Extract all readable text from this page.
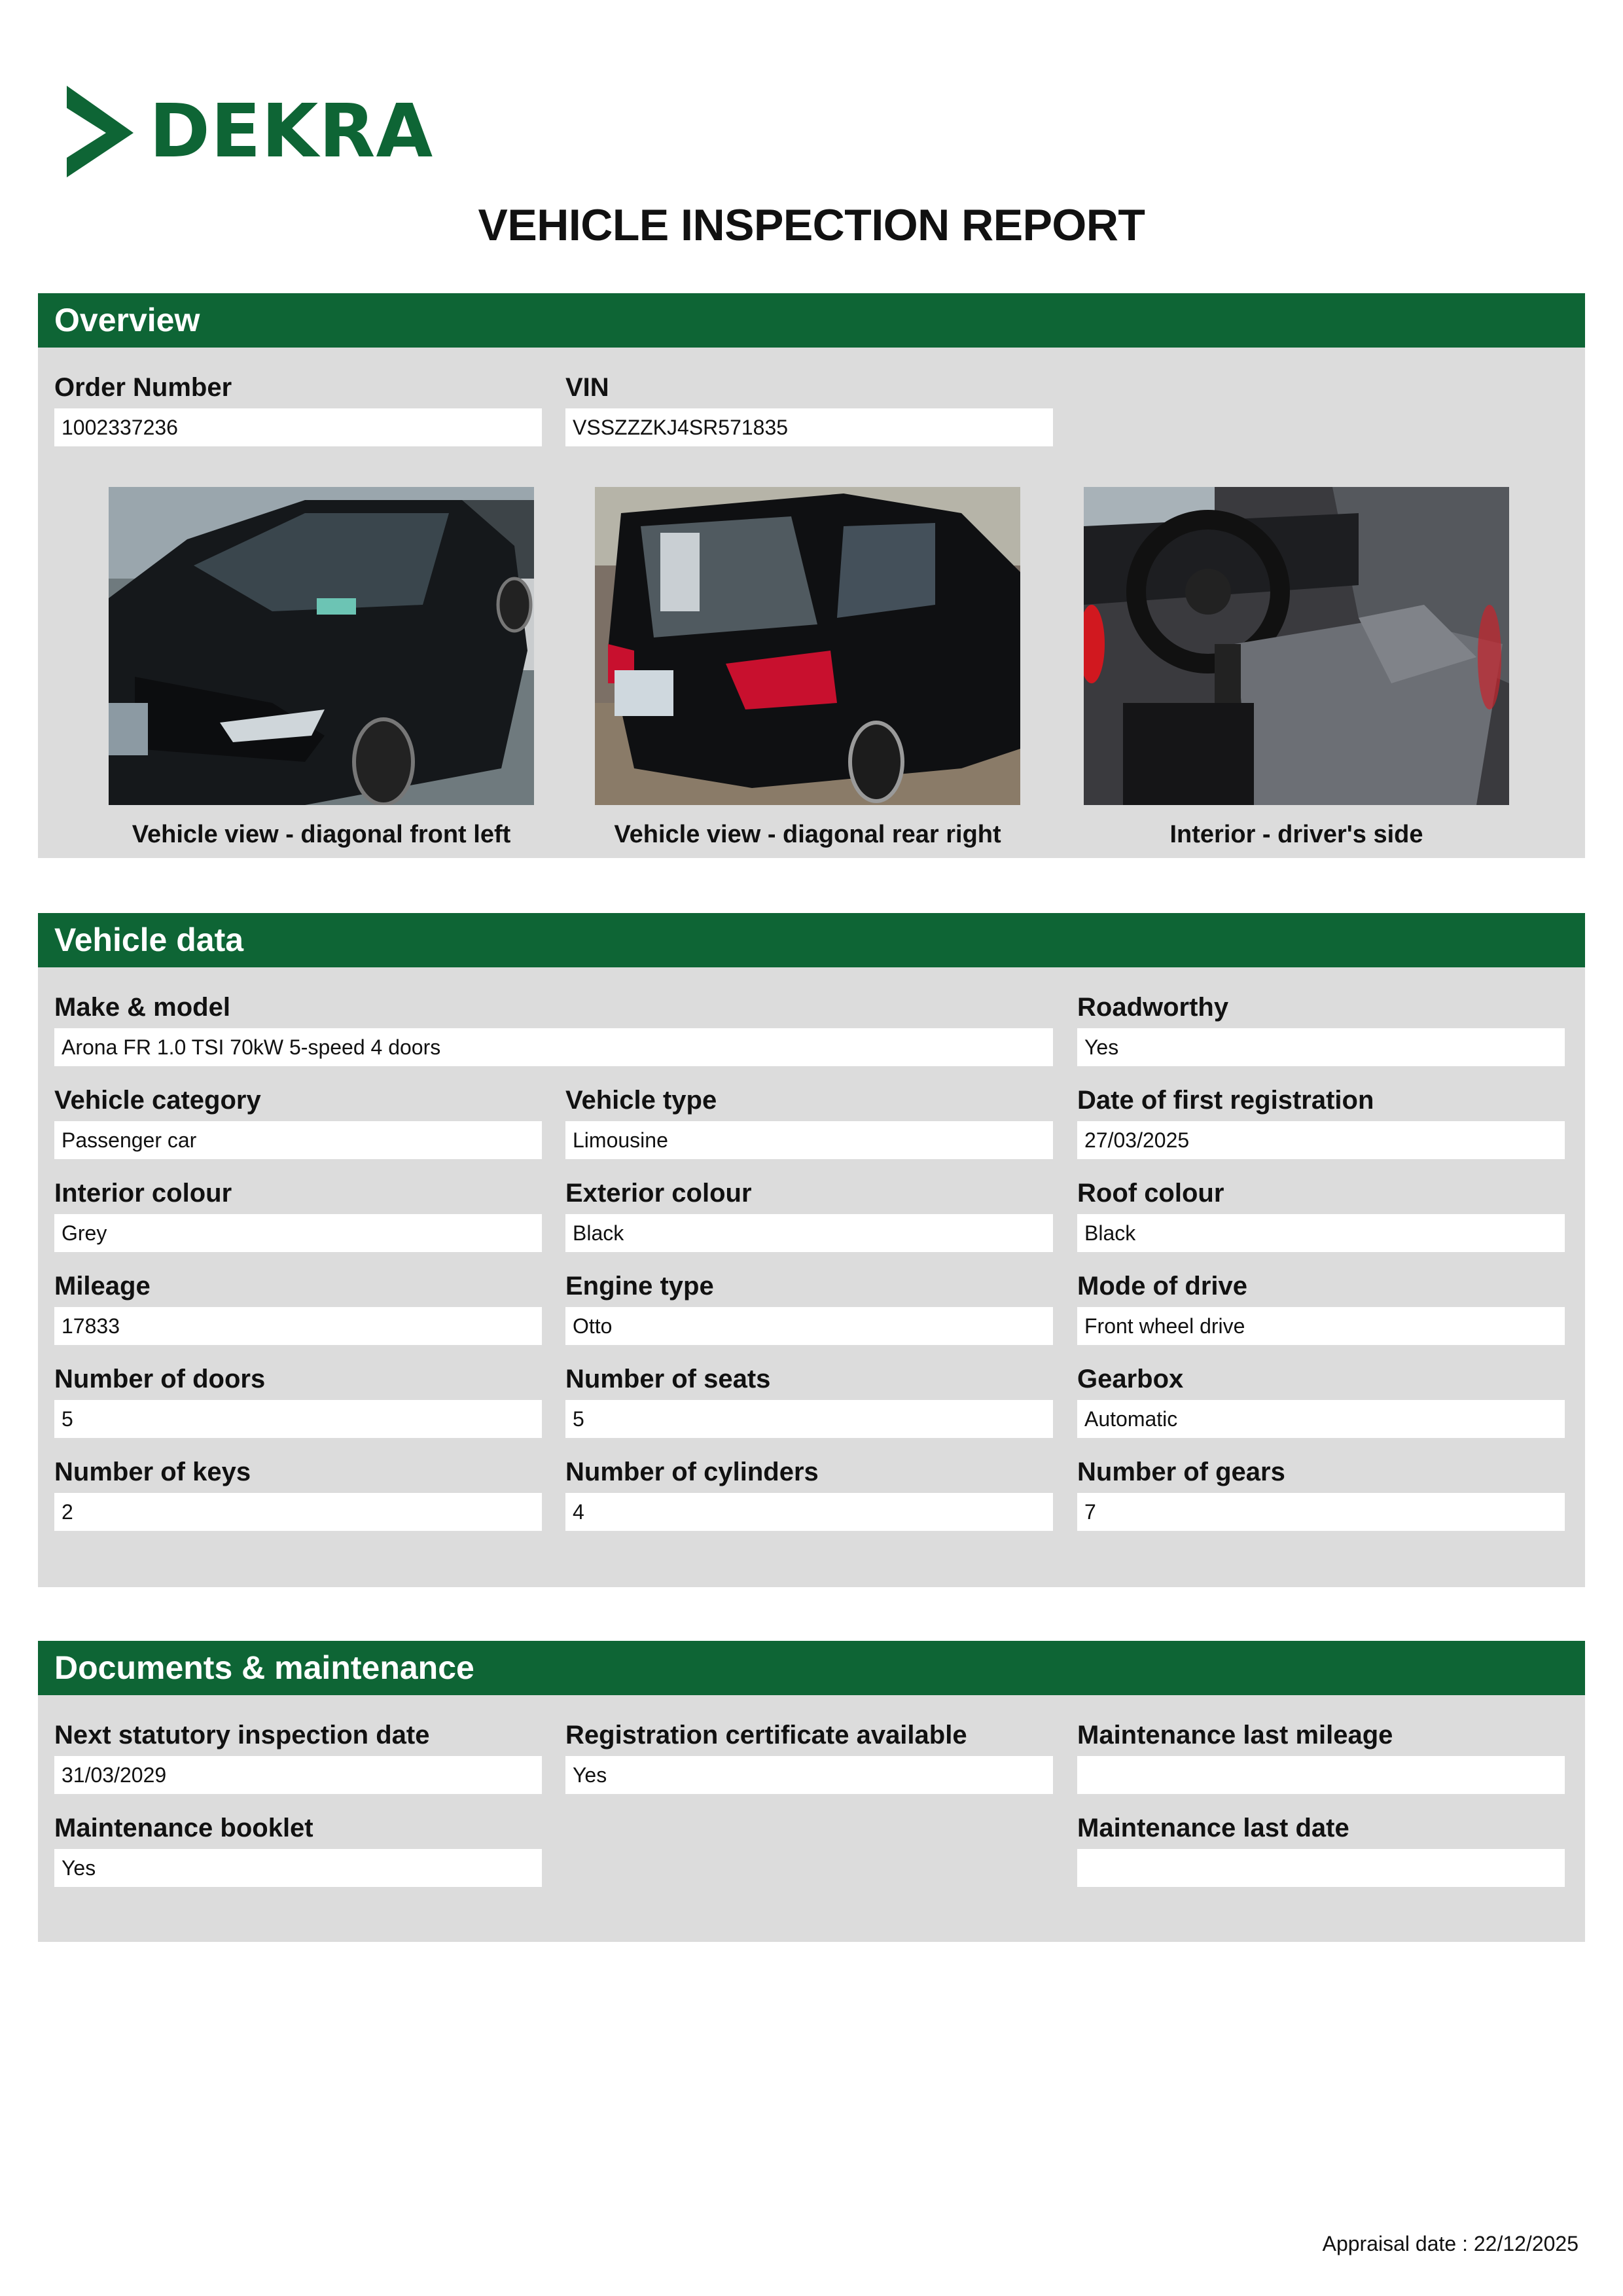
DEKRA
VEHICLE INSPECTION REPORT
Overview
Order Number
1002337236
VIN
VSSZZZKJ4SR571835
Vehicle view - diagonal front left	Vehicle view - diagonal rear right	Interior - driver's side
Vehicle data
Make & model
Arona FR 1.0 TSI 70kW 5-speed 4 doors
Roadworthy
Yes
Vehicle category
Passenger car
Vehicle type
Limousine
Date of first registration
27/03/2025
Interior colour
Grey
Exterior colour
Black
Roof colour
Black
Mileage
17833
Engine type
Otto
Mode of drive
Front wheel drive
Number of doors
5
Number of seats
5
Gearbox
Automatic
Number of keys
2
Number of cylinders
4
Number of gears
7
Documents & maintenance
Next statutory inspection date
31/03/2029
Registration certificate available
Yes
Maintenance last mileage
Maintenance booklet
Yes
Maintenance last date
Appraisal date : 22/12/2025
